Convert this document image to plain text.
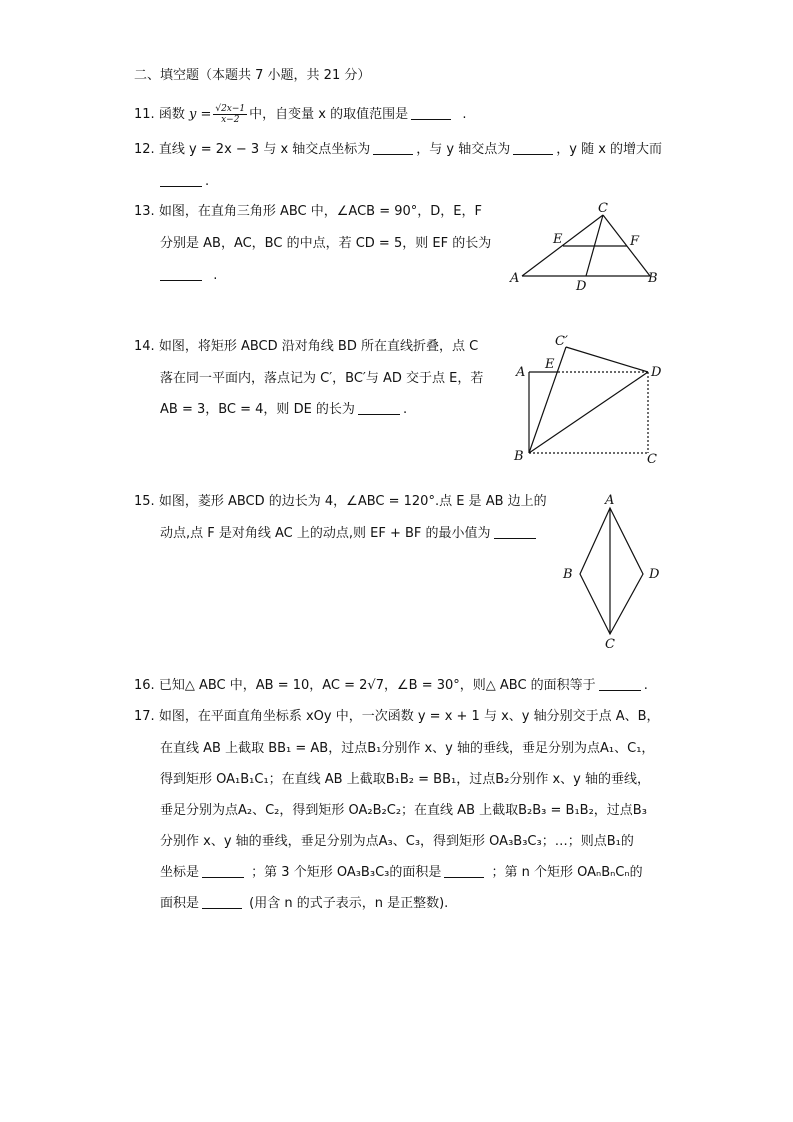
二、填空题（本题共 7 小题，共 21 分）
11. 函数 $y = \frac{√2x-1}{x-2}$ 中，自变量 x 的取值范围是	.
12. 直线 y = 2x − 3 与 x 轴交点坐标为	，与 y 轴交点为	，y 随 x 的增大而
.
13. 如图，在直角三角形 ABC 中，∠ACB = 90°，D，E，F
分别是 AB，AC，BC 的中点，若 CD = 5，则 EF 的长为
.
C
E	F
A
D
B
14. 如图，将矩形 ABCD 沿对角线 BD 所在直线折叠，点 C
落在同一平面内，落点记为 C′，BC′与 AD 交于点 E，若
AB = 3，BC = 4，则 DE 的长为	.
C′
E
A	D
B	C
15. 如图，菱形 ABCD 的边长为 4，∠ABC = 120°.点 E 是 AB 边上的
动点,点 F 是对角线 AC 上的动点,则 EF + BF 的最小值为
A
B	D
C
16. 已知△ ABC 中，AB = 10，AC = 2√7，∠B = 30°，则△ ABC 的面积等于	.
17. 如图，在平面直角坐标系 xOy 中，一次函数 y = x + 1 与 x、y 轴分别交于点 A、B，
在直线 AB 上截取 BB₁ = AB，过点B₁分别作 x、y 轴的垂线，垂足分别为点A₁、C₁，
得到矩形 OA₁B₁C₁；在直线 AB 上截取B₁B₂ = BB₁，过点B₂分别作 x、y 轴的垂线，
垂足分别为点A₂、C₂，得到矩形 OA₂B₂C₂；在直线 AB 上截取B₂B₃ = B₁B₂，过点B₃
分别作 x、y 轴的垂线，垂足分别为点A₃、C₃，得到矩形 OA₃B₃C₃；…；则点B₁的
坐标是	；第 3 个矩形 OA₃B₃C₃的面积是	；第 n 个矩形 OAₙBₙCₙ的
面积是	(用含 n 的式子表示，n 是正整数).
